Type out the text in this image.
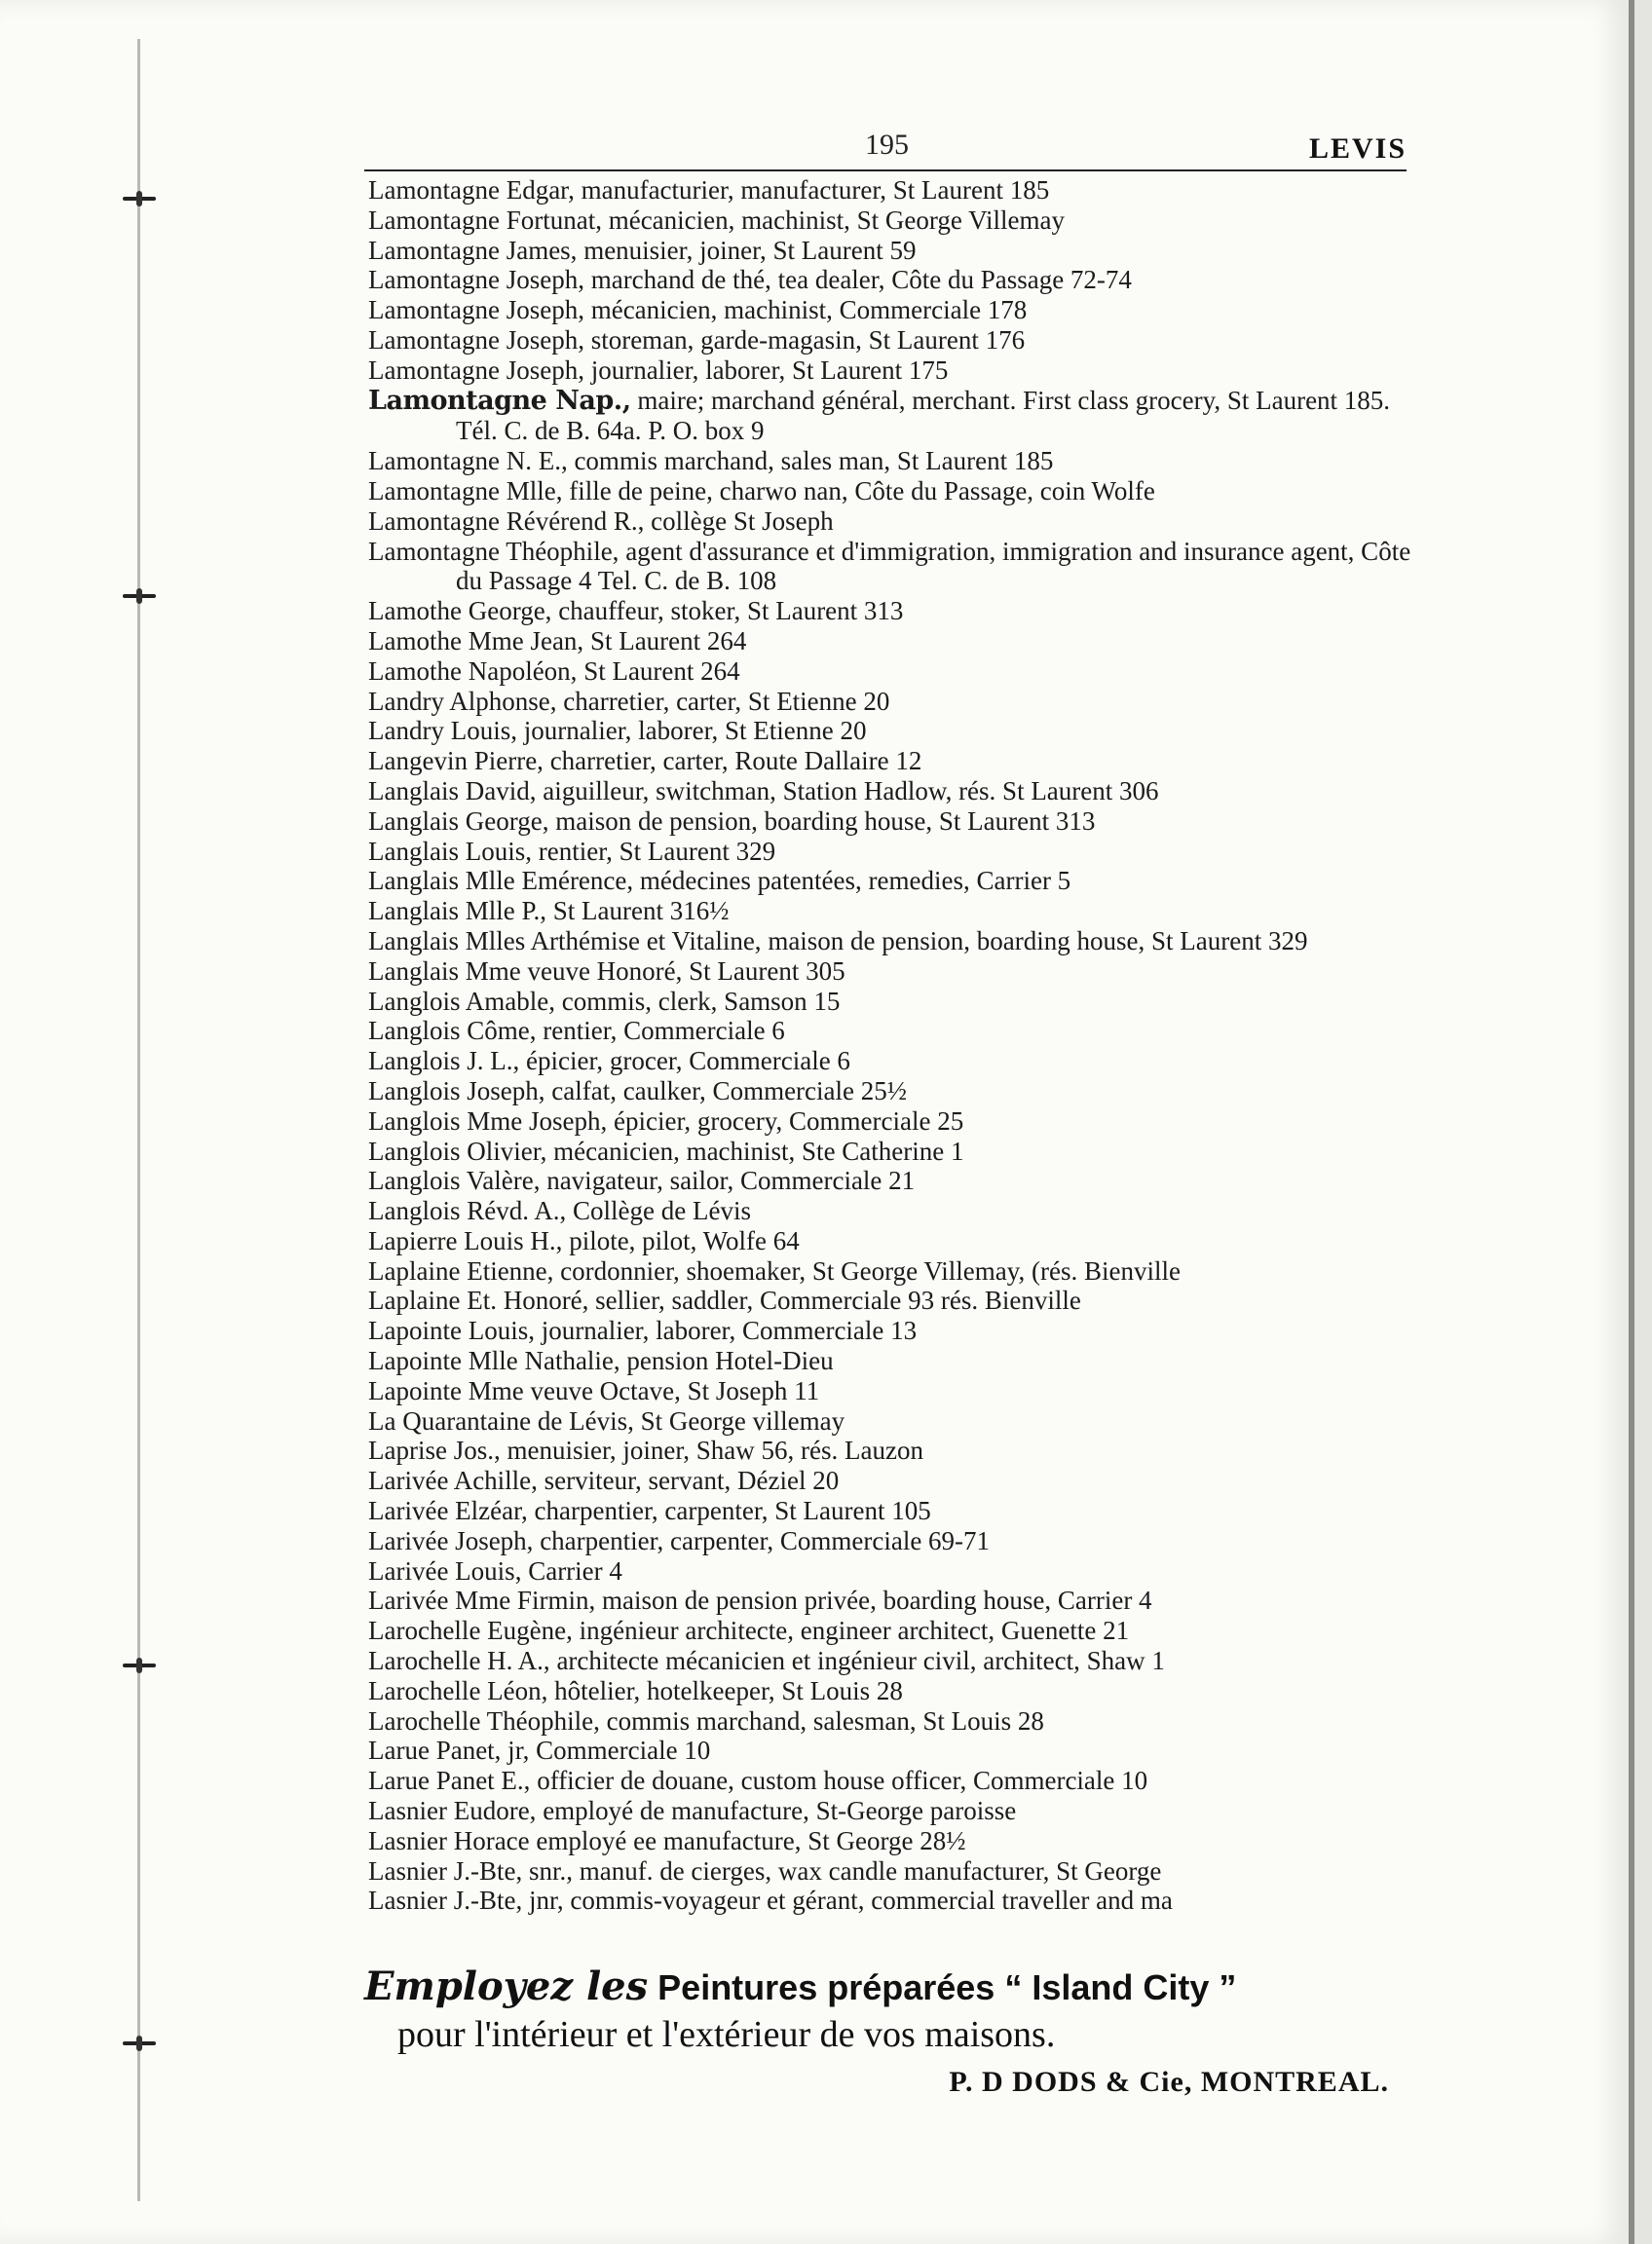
195	LEVIS

Lamontagne Edgar, manufacturier, manufacturer, St Laurent 185

Lamontagne Fortunat, mécanicien, machinist, St George Villemay

Lamontagne James, menuisier, joiner, St Laurent 59

Lamontagne Joseph, marchand de thé, tea dealer, Côte du Passage 72-74

Lamontagne Joseph, mécanicien, machinist, Commerciale 178

Lamontagne Joseph, storeman, garde-magasin, St Laurent 176

Lamontagne Joseph, journalier, laborer, St Laurent 175

Lamontagne Nap., maire; marchand général, merchant. First class grocery, St Laurent 185. Tél. C. de B. 64a. P. O. box 9

Lamontagne N. E., commis marchand, sales man, St Laurent 185

Lamontagne Mlle, fille de peine, charwo nan, Côte du Passage, coin Wolfe

Lamontagne Révérend R., collège St Joseph

Lamontagne Théophile, agent d'assurance et d'immigration, immigration and insurance agent, Côte du Passage 4 Tel. C. de B. 108

Lamothe George, chauffeur, stoker, St Laurent 313

Lamothe Mme Jean, St Laurent 264

Lamothe Napoléon, St Laurent 264

Landry Alphonse, charretier, carter, St Etienne 20

Landry Louis, journalier, laborer, St Etienne 20

Langevin Pierre, charretier, carter, Route Dallaire 12

Langlais David, aiguilleur, switchman, Station Hadlow, rés. St Laurent 306

Langlais George, maison de pension, boarding house, St Laurent 313

Langlais Louis, rentier, St Laurent 329

Langlais Mlle Emérence, médecines patentées, remedies, Carrier 5

Langlais Mlle P., St Laurent 316½

Langlais Mlles Arthémise et Vitaline, maison de pension, boarding house, St Laurent 329

Langlais Mme veuve Honoré, St Laurent 305

Langlois Amable, commis, clerk, Samson 15

Langlois Côme, rentier, Commerciale 6

Langlois J. L., épicier, grocer, Commerciale 6

Langlois Joseph, calfat, caulker, Commerciale 25½

Langlois Mme Joseph, épicier, grocery, Commerciale 25

Langlois Olivier, mécanicien, machinist, Ste Catherine 1

Langlois Valère, navigateur, sailor, Commerciale 21

Langlois Révd. A., Collège de Lévis

Lapierre Louis H., pilote, pilot, Wolfe 64

Laplaine Etienne, cordonnier, shoemaker, St George Villemay, (rés. Bienville

Laplaine Et. Honoré, sellier, saddler, Commerciale 93 rés. Bienville

Lapointe Louis, journalier, laborer, Commerciale 13

Lapointe Mlle Nathalie, pension Hotel-Dieu

Lapointe Mme veuve Octave, St Joseph 11

La Quarantaine de Lévis, St George villemay

Laprise Jos., menuisier, joiner, Shaw 56, rés. Lauzon

Larivée Achille, serviteur, servant, Déziel 20

Larivée Elzéar, charpentier, carpenter, St Laurent 105

Larivée Joseph, charpentier, carpenter, Commerciale 69-71

Larivée Louis, Carrier 4

Larivée Mme Firmin, maison de pension privée, boarding house, Carrier 4

Larochelle Eugène, ingénieur architecte, engineer architect, Guenette 21

Larochelle H. A., architecte mécanicien et ingénieur civil, architect, Shaw 1

Larochelle Léon, hôtelier, hotelkeeper, St Louis 28

Larochelle Théophile, commis marchand, salesman, St Louis 28

Larue Panet, jr, Commerciale 10

Larue Panet E., officier de douane, custom house officer, Commerciale 10

Lasnier Eudore, employé de manufacture, St-George paroisse

Lasnier Horace employé ee manufacture, St George 28½

Lasnier J.-Bte, snr., manuf. de cierges, wax candle manufacturer, St George

Lasnier J.-Bte, jnr, commis-voyageur et gérant, commercial traveller and ma

Employez les Peintures préparées “ Island City ”
pour l'intérieur et l'extérieur de vos maisons.
P. D DODS & Cie, MONTREAL.
